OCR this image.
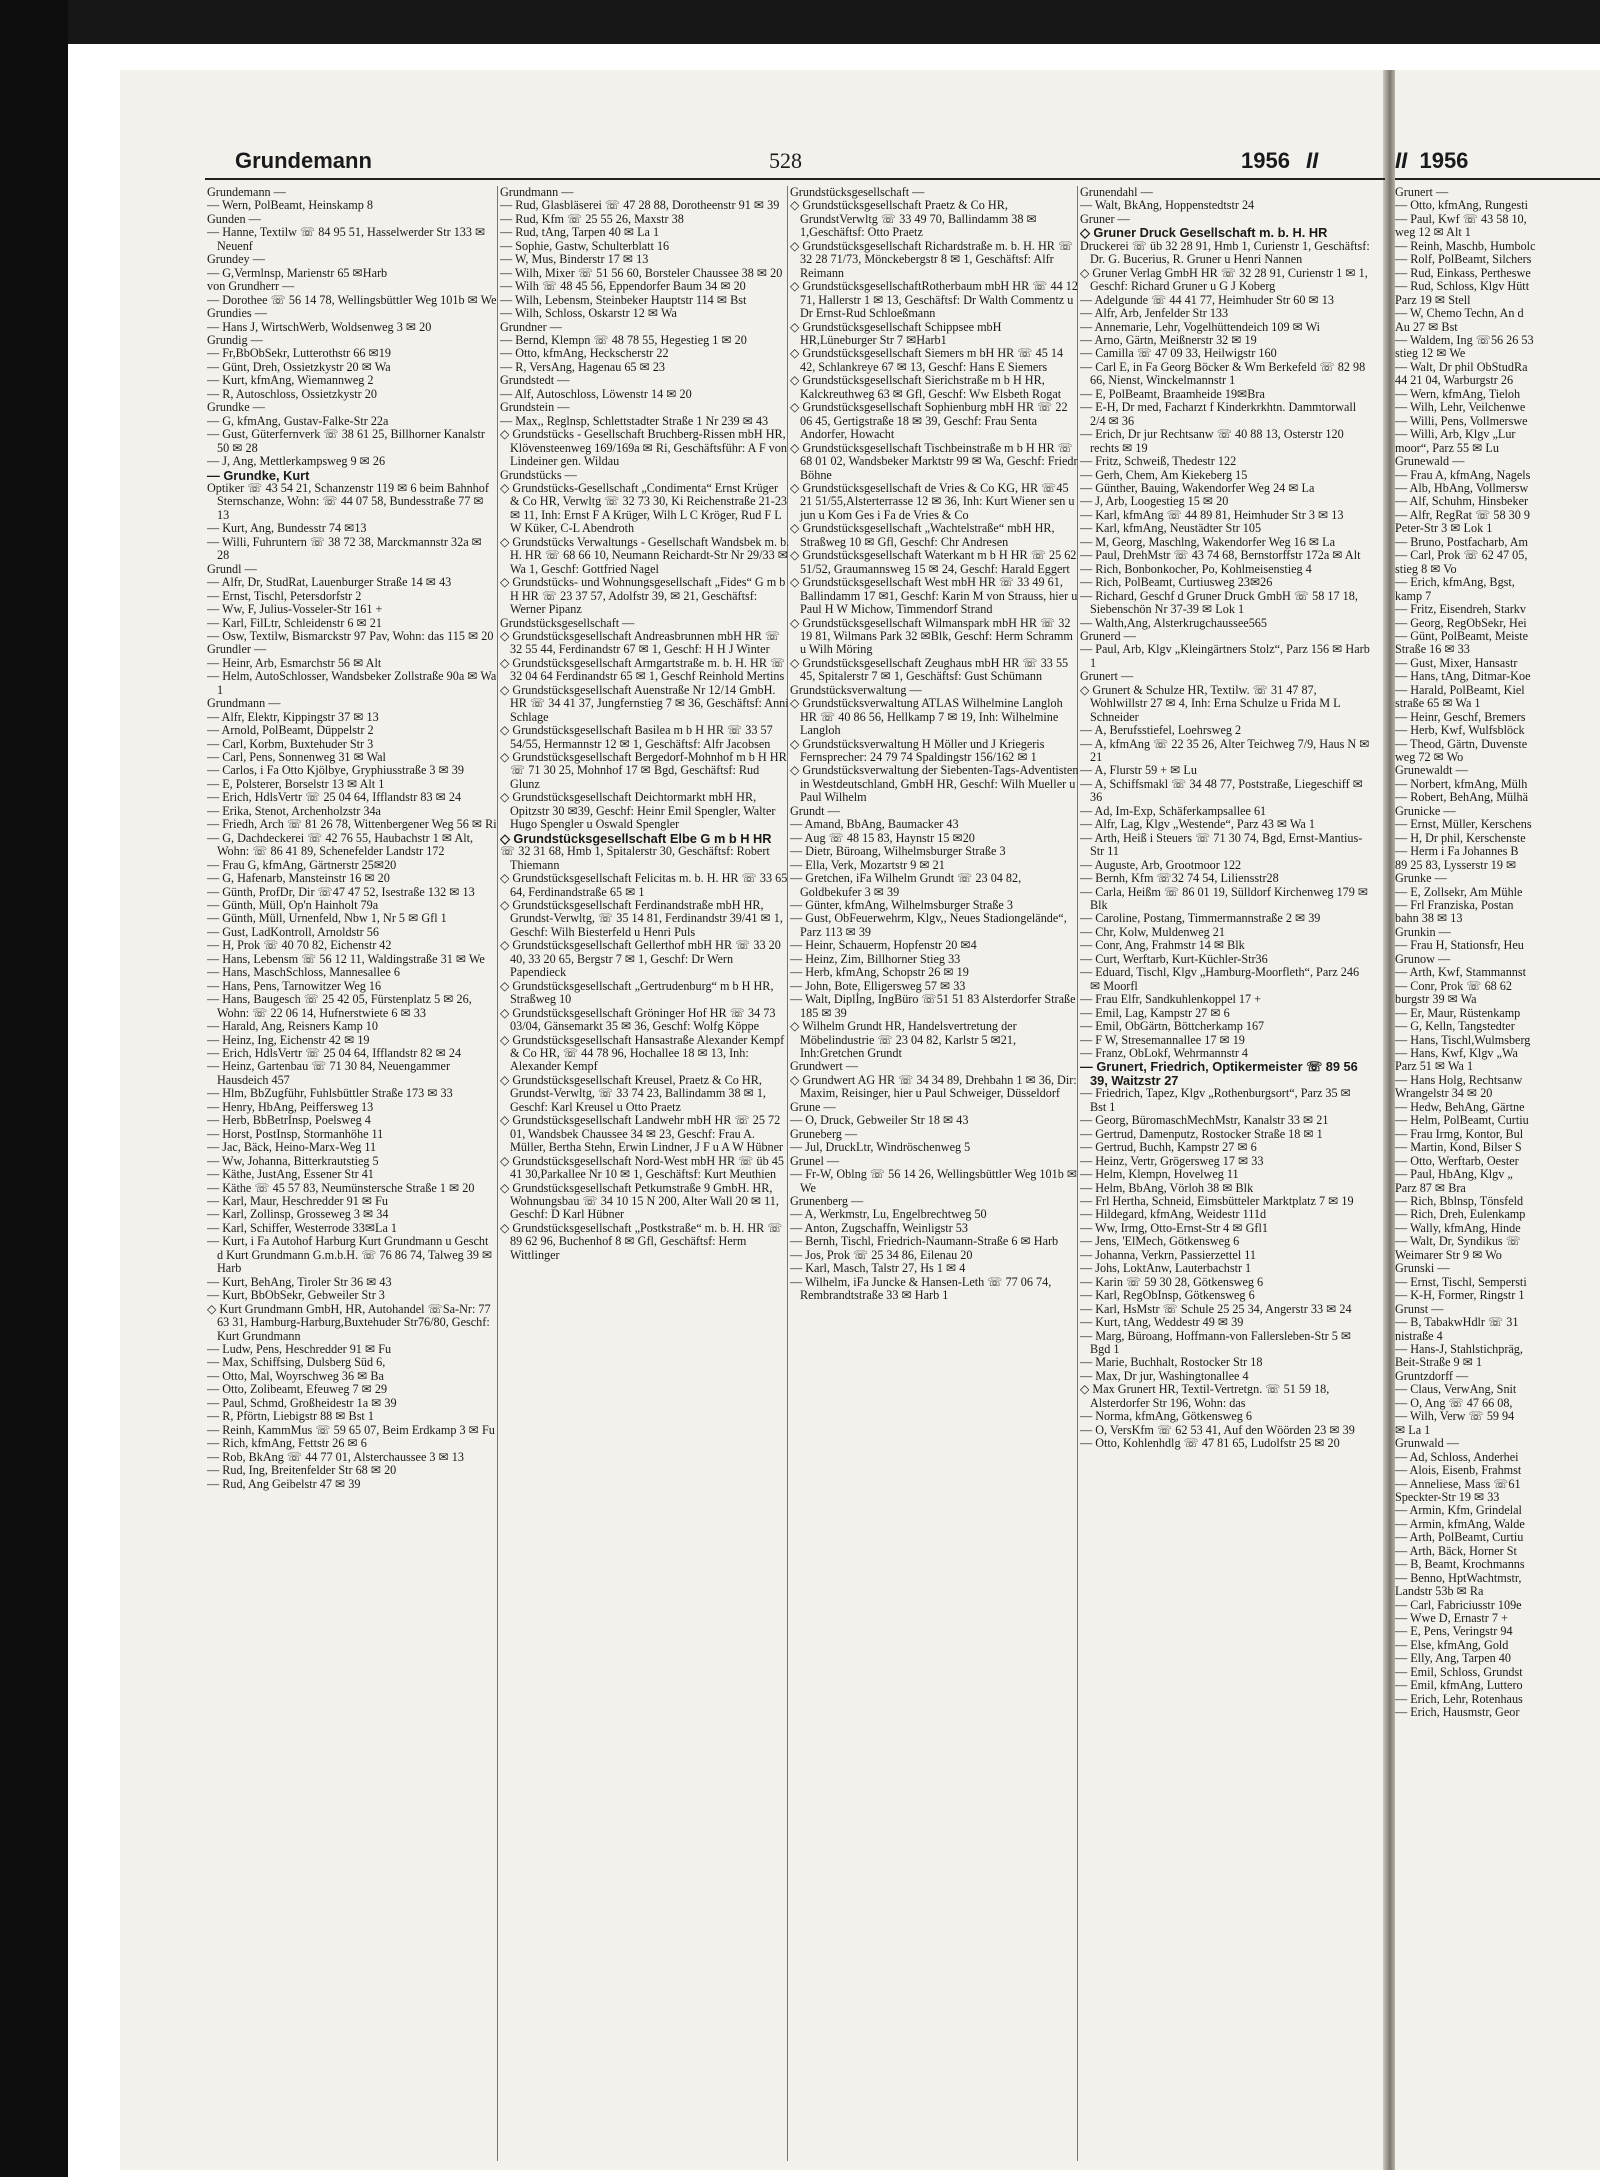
Grundemann	528	1956 II
Grundemann —
— Wern, PolBeamt, Heinskamp 8
Gunden —
— Hanne, Textilw ☏ 84 95 51, Hasselwerder Str 133 ✉ Neuenf
Grundey —
— G,Vermlnsp, Marienstr 65 ✉Harb
von Grundherr —
— Dorothee ☏ 56 14 78, Wellingsbüttler Weg 101b ✉ We
Grundies —
— Hans J, WirtschWerb, Woldsenweg 3 ✉ 20
Grundig —
— Fr,BbObSekr, Lutterothstr 66 ✉19
— Günt, Dreh, Ossietzkystr 20 ✉ Wa
— Kurt, kfmAng, Wiemannweg 2
— R, Autoschloss, Ossietzkystr 20
Grundke —
— G, kfmAng, Gustav-Falke-Str 22a
— Gust, Güterfernverk ☏ 38 61 25, Billhorner Kanalstr 50 ✉ 28
— J, Ang, Mettlerkampsweg 9 ✉ 26
— Grundke, Kurt
Optiker ☏ 43 54 21, Schanzenstr 119 ✉ 6 beim Bahnhof Sternschanze, Wohn: ☏ 44 07 58, Bundesstraße 77 ✉ 13
— Kurt, Ang, Bundesstr 74 ✉13
— Willi, Fuhruntern ☏ 38 72 38, Marckmannstr 32a ✉ 28
Grundl —
— Alfr, Dr, StudRat, Lauenburger Straße 14 ✉ 43
— Ernst, Tischl, Petersdorfstr 2
— Ww, F, Julius-Vosseler-Str 161 +
— Karl, FilLtr, Schleidenstr 6 ✉ 21
— Osw, Textilw, Bismarckstr 97 Pav, Wohn: das 115 ✉ 20
Grundler —
— Heinr, Arb, Esmarchstr 56 ✉ Alt
— Helm, AutoSchlosser, Wandsbeker Zollstraße 90a ✉ Wa 1
Grundmann —
— Alfr, Elektr, Kippingstr 37 ✉ 13
— Arnold, PolBeamt, Düppelstr 2
— Carl, Korbm, Buxtehuder Str 3
— Carl, Pens, Sonnenweg 31 ✉ Wal
— Carlos, i Fa Otto Kjölbye, Gryphiusstraße 3 ✉ 39
— E, Polsterer, Borselstr 13 ✉ Alt 1
— Erich, HdlsVertr ☏ 25 04 64, Ifflandstr 83 ✉ 24
— Erika, Stenot, Archenholzstr 34a
— Friedh, Arch ☏ 81 26 78, Wittenbergener Weg 56 ✉ Ri
— G, Dachdeckerei ☏ 42 76 55, Haubachstr 1 ✉ Alt, Wohn: ☏ 86 41 89, Schenefelder Landstr 172
— Frau G, kfmAng, Gärtnerstr 25✉20
— G, Hafenarb, Mansteinstr 16 ✉ 20
— Günth, ProfDr, Dir ☏47 47 52, Isestraße 132 ✉ 13
— Günth, Müll, Op'n Hainholt 79a
— Günth, Müll, Urnenfeld, Nbw 1, Nr 5 ✉ Gfl 1
— Gust, LadKontroll, Arnoldstr 56
— H, Prok ☏ 40 70 82, Eichenstr 42
— Hans, Lebensm ☏ 56 12 11, Waldingstraße 31 ✉ We
— Hans, MaschSchloss, Mannesallee 6
— Hans, Pens, Tarnowitzer Weg 16
— Hans, Baugesch ☏ 25 42 05, Fürstenplatz 5 ✉ 26, Wohn: ☏ 22 06 14, Hufnerstwiete 6 ✉ 33
— Harald, Ang, Reisners Kamp 10
— Heinz, Ing, Eichenstr 42 ✉ 19
— Erich, HdlsVertr ☏ 25 04 64, Ifflandstr 82 ✉ 24
— Heinz, Gartenbau ☏ 71 30 84, Neuengammer Hausdeich 457
— Hlm, BbZugführ, Fuhlsbüttler Straße 173 ✉ 33
— Henry, HbAng, Peiffersweg 13
— Herb, BbBetrInsp, Poelsweg 4
— Horst, PostInsp, Stormanhöhe 11
— Jac, Bäck, Heino-Marx-Weg 11
— Ww, Johanna, Bitterkrautstieg 5
— Käthe, JustAng, Essener Str 41
— Käthe ☏ 45 57 83, Neumünstersche Straße 1 ✉ 20
— Karl, Maur, Heschredder 91 ✉ Fu
— Karl, Zollinsp, Grosseweg 3 ✉ 34
— Karl, Schiffer, Westerrode 33✉La 1
— Kurt, i Fa Autohof Harburg Kurt Grundmann u Gescht d Kurt Grundmann G.m.b.H. ☏ 76 86 74, Talweg 39 ✉ Harb
— Kurt, BehAng, Tiroler Str 36 ✉ 43
— Kurt, BbObSekr, Gebweiler Str 3
◇ Kurt Grundmann GmbH, HR, Autohandel ☏Sa-Nr: 77 63 31, Hamburg-Harburg,Buxtehuder Str76/80, Geschf: Kurt Grundmann
— Ludw, Pens, Heschredder 91 ✉ Fu
— Max, Schiffsing, Dulsberg Süd 6,
— Otto, Mal, Woyrschweg 36 ✉ Ba
— Otto, Zolibeamt, Efeuweg 7 ✉ 29
— Paul, Schmd, Großheidestr 1a ✉ 39
— R, Pförtn, Liebigstr 88 ✉ Bst 1
— Reinh, KammMus ☏ 59 65 07, Beim Erdkamp 3 ✉ Fu
— Rich, kfmAng, Fettstr 26 ✉ 6
— Rob, BkAng ☏ 44 77 01, Alsterchaussee 3 ✉ 13
— Rud, Ing, Breitenfelder Str 68 ✉ 20
— Rud, Ang Geibelstr 47 ✉ 39
Grundmann —
— Rud, Glasbläserei ☏ 47 28 88, Dorotheenstr 91 ✉ 39
— Rud, Kfm ☏ 25 55 26, Maxstr 38
— Rud, tAng, Tarpen 40 ✉ La 1
— Sophie, Gastw, Schulterblatt 16
— W, Mus, Binderstr 17 ✉ 13
— Wilh, Mixer ☏ 51 56 60, Borsteler Chaussee 38 ✉ 20
— Wilh ☏ 48 45 56, Eppendorfer Baum 34 ✉ 20
— Wilh, Lebensm, Steinbeker Hauptstr 114 ✉ Bst
— Wilh, Schloss, Oskarstr 12 ✉ Wa
Grundner —
— Bernd, Klempn ☏ 48 78 55, Hegestieg 1 ✉ 20
— Otto, kfmAng, Heckscherstr 22
— R, VersAng, Hagenau 65 ✉ 23
Grundstedt —
— Alf, Autoschloss, Löwenstr 14 ✉ 20
Grundstein —
— Max,, Reglnsp, Schlettstadter Straße 1 Nr 239 ✉ 43
◇ Grundstücks - Gesellschaft Bruchberg-Rissen mbH HR, Klövensteenweg 169/169a ✉ Ri, Geschäftsführ: A F von Lindeiner gen. Wildau
Grundstücks —
◇ Grundstücks-Gesellschaft „Condimenta“ Ernst Krüger & Co HR, Verwltg ☏ 32 73 30, Ki Reichenstraße 21-23 ✉ 11, Inh: Ernst F A Krüger, Wilh L C Kröger, Rud F L W Küker, C-L Abendroth
◇ Grundstücks Verwaltungs - Gesellschaft Wandsbek m. b. H. HR ☏ 68 66 10, Neumann Reichardt-Str Nr 29/33 ✉ Wa 1, Geschf: Gottfried Nagel
◇ Grundstücks- und Wohnungsgesellschaft „Fides“ G m b H HR ☏ 23 37 57, Adolfstr 39, ✉ 21, Geschäftsf: Werner Pipanz
Grundstücksgesellschaft —
◇ Grundstücksgesellschaft Andreasbrunnen mbH HR ☏ 32 55 44, Ferdinandstr 67 ✉ 1, Geschf: H H J Winter
◇ Grundstücksgesellschaft Armgartstraße m. b. H. HR ☏ 32 04 64 Ferdinandstr 65 ✉ 1, Geschf Reinhold Mertins
◇ Grundstücksgesellschaft Auenstraße Nr 12/14 GmbH. HR ☏ 34 41 37, Jungfernstieg 7 ✉ 36, Geschäftsf: Anni Schlage
◇ Grundstücksgesellschaft Basilea m b H HR ☏ 33 57 54/55, Hermannstr 12 ✉ 1, Geschäftsf: Alfr Jacobsen
◇ Grundstücksgesellschaft Bergedorf-Mohnhof m b H HR ☏ 71 30 25, Mohnhof 17 ✉ Bgd, Geschäftsf: Rud Glunz
◇ Grundstücksgesellschaft Deichtormarkt mbH HR, Opitzstr 30 ✉39, Geschf: Heinr Emil Spengler, Walter Hugo Spengler u Oswald Spengler
◇ Grundstücksgesellschaft Elbe G m b H HR
☏ 32 31 68, Hmb 1, Spitalerstr 30, Geschäftsf: Robert Thiemann
◇ Grundstücksgesellschaft Felicitas m. b. H. HR ☏ 33 65 64, Ferdinandstraße 65 ✉ 1
◇ Grundstücksgesellschaft Ferdinandstraße mbH HR, Grundst-Verwltg, ☏ 35 14 81, Ferdinandstr 39/41 ✉ 1, Geschf: Wilh Biesterfeld u Henri Puls
◇ Grundstücksgesellschaft Gellerthof mbH HR ☏ 33 20 40, 33 20 65, Bergstr 7 ✉ 1, Geschf: Dr Wern Papendieck
◇ Grundstücksgesellschaft „Gertrudenburg“ m b H HR, Straßweg 10
◇ Grundstücksgesellschaft Gröninger Hof HR ☏ 34 73 03/04, Gänsemarkt 35 ✉ 36, Geschf: Wolfg Köppe
◇ Grundstücksgesellschaft Hansastraße Alexander Kempf & Co HR, ☏ 44 78 96, Hochallee 18 ✉ 13, Inh: Alexander Kempf
◇ Grundstücksgesellschaft Kreusel, Praetz & Co HR, Grundst-Verwltg, ☏ 33 74 23, Ballindamm 38 ✉ 1, Geschf: Karl Kreusel u Otto Praetz
◇ Grundstücksgesellschaft Landwehr mbH HR ☏ 25 72 01, Wandsbek Chaussee 34 ✉ 23, Geschf: Frau A. Müller, Bertha Stehn, Erwin Lindner, J F u A W Hübner
◇ Grundstücksgesellschaft Nord-West mbH HR ☏ üb 45 41 30,Parkallee Nr 10 ✉ 1, Geschäftsf: Kurt Meuthien
◇ Grundstücksgesellschaft Petkumstraße 9 GmbH. HR, Wohnungsbau ☏ 34 10 15 N 200, Alter Wall 20 ✉ 11, Geschf: D Karl Hübner
◇ Grundstücksgesellschaft „Postkstraße“ m. b. H. HR ☏ 89 62 96, Buchenhof 8 ✉ Gfl, Geschäftsf: Herm Wittlinger
Grundstücksgesellschaft —
◇ Grundstücksgesellschaft Praetz & Co HR, GrundstVerwltg ☏ 33 49 70, Ballindamm 38 ✉ 1,Geschäftsf: Otto Praetz
◇ Grundstücksgesellschaft Richardstraße m. b. H. HR ☏ 32 28 71/73, Mönckebergstr 8 ✉ 1, Geschäftsf: Alfr Reimann
◇ GrundstücksgesellschaftRotherbaum mbH HR ☏ 44 12 71, Hallerstr 1 ✉ 13, Geschäftsf: Dr Walth Commentz u Dr Ernst-Rud Schloeßmann
◇ Grundstücksgesellschaft Schippsee mbH HR,Lüneburger Str 7 ✉Harb1
◇ Grundstücksgesellschaft Siemers m bH HR ☏ 45 14 42, Schlankreye 67 ✉ 13, Geschf: Hans E Siemers
◇ Grundstücksgesellschaft Sierichstraße m b H HR, Kalckreuthweg 63 ✉ Gfl, Geschf: Ww Elsbeth Rogat
◇ Grundstücksgesellschaft Sophienburg mbH HR ☏ 22 06 45, Gertigstraße 18 ✉ 39, Geschf: Frau Senta Andorfer, Howacht
◇ Grundstücksgesellschaft Tischbeinstraße m b H HR ☏ 68 01 02, Wandsbeker Marktstr 99 ✉ Wa, Geschf: Friedr Böhne
◇ Grundstücksgesellschaft de Vries & Co KG, HR ☏45 21 51/55,Alsterterrasse 12 ✉ 36, Inh: Kurt Wiener sen u jun u Kom Ges i Fa de Vries & Co
◇ Grundstücksgesellschaft „Wachtelstraße“ mbH HR, Straßweg 10 ✉ Gfl, Geschf: Chr Andresen
◇ Grundstücksgesellschaft Waterkant m b H HR ☏ 25 62 51/52, Graumannsweg 15 ✉ 24, Geschf: Harald Eggert
◇ Grundstücksgesellschaft West mbH HR ☏ 33 49 61, Ballindamm 17 ✉1, Geschf: Karin M von Strauss, hier u Paul H W Michow, Timmendorf Strand
◇ Grundstücksgesellschaft Wilmanspark mbH HR ☏ 32 19 81, Wilmans Park 32 ✉Blk, Geschf: Herm Schramm u Wilh Möring
◇ Grundstücksgesellschaft Zeughaus mbH HR ☏ 33 55 45, Spitalerstr 7 ✉ 1, Geschäftsf: Gust Schümann
Grundstücksverwaltung —
◇ Grundstücksverwaltung ATLAS Wilhelmine Langloh HR ☏ 40 86 56, Hellkamp 7 ✉ 19, Inh: Wilhelmine Langloh
◇ Grundstücksverwaltung H Möller und J Kriegeris Fernsprecher: 24 79 74 Spaldingstr 156/162 ✉ 1
◇ Grundstücksverwaltung der Siebenten-Tags-Adventisten in Westdeutschland, GmbH HR, Geschf: Wilh Mueller u Paul Wilhelm
Grundt —
— Amand, BbAng, Baumacker 43
— Aug ☏ 48 15 83, Haynstr 15 ✉20
— Dietr, Büroang, Wilhelmsburger Straße 3
— Ella, Verk, Mozartstr 9 ✉ 21
— Gretchen, iFa Wilhelm Grundt ☏ 23 04 82, Goldbekufer 3 ✉ 39
— Günter, kfmAng, Wilhelmsburger Straße 3
— Gust, ObFeuerwehrm, Klgv,, Neues Stadiongelände“, Parz 113 ✉ 39
— Heinr, Schauerm, Hopfenstr 20 ✉4
— Heinz, Zim, Billhorner Stieg 33
— Herb, kfmAng, Schopstr 26 ✉ 19
— John, Bote, Elligersweg 57 ✉ 33
— Walt, Diplİng, IngBüro ☏51 51 83 Alsterdorfer Straße 185 ✉ 39
◇ Wilhelm Grundt HR, Handelsvertretung der Möbelindustrie ☏ 23 04 82, Karlstr 5 ✉21, Inh:Gretchen Grundt
Grundwert —
◇ Grundwert AG HR ☏ 34 34 89, Drehbahn 1 ✉ 36, Dir: Maxim, Reisinger, hier u Paul Schweiger, Düsseldorf
Grune —
— O, Druck, Gebweiler Str 18 ✉ 43
Gruneberg —
— Jul, DruckLtr, Windröschenweg 5
Grunel —
— Fr-W, Oblng ☏ 56 14 26, Wellingsbüttler Weg 101b ✉ We
Grunenberg —
— A, Werkmstr, Lu, Engelbrechtweg 50
— Anton, Zugschaffn, Weinligstr 53
— Bernh, Tischl, Friedrich-Naumann-Straße 6 ✉ Harb
— Jos, Prok ☏ 25 34 86, Eilenau 20
— Karl, Masch, Talstr 27, Hs 1 ✉ 4
— Wilhelm, iFa Juncke & Hansen-Leth ☏ 77 06 74, Rembrandtstraße 33 ✉ Harb 1
Grunendahl —
— Walt, BkAng, Hoppenstedtstr 24
Gruner —
◇ Gruner Druck Gesellschaft m. b. H. HR
Druckerei ☏ üb 32 28 91, Hmb 1, Curienstr 1, Geschäftsf: Dr. G. Bucerius, R. Gruner u Henri Nannen
◇ Gruner Verlag GmbH HR ☏ 32 28 91, Curienstr 1 ✉ 1, Geschf: Richard Gruner u G J Koberg
— Adelgunde ☏ 44 41 77, Heimhuder Str 60 ✉ 13
— Alfr, Arb, Jenfelder Str 133
— Annemarie, Lehr, Vogelhüttendeich 109 ✉ Wi
— Arno, Gärtn, Meißnerstr 32 ✉ 19
— Camilla ☏ 47 09 33, Heilwigstr 160
— Carl E, in Fa Georg Böcker & Wm Berkefeld ☏ 82 98 66, Nienst, Winckelmannstr 1
— E, PolBeamt, Braamheide 19✉Bra
— E-H, Dr med, Facharzt f Kinderkrkhtn. Dammtorwall 2/4 ✉ 36
— Erich, Dr jur Rechtsanw ☏ 40 88 13, Osterstr 120 rechts ✉ 19
— Fritz, Schweiß, Thedestr 122
— Gerh, Chem, Am Kiekeberg 15
— Günther, Bauing, Wakendorfer Weg 24 ✉ La
— J, Arb, Loogestieg 15 ✉ 20
— Karl, kfmAng ☏ 44 89 81, Heimhuder Str 3 ✉ 13
— Karl, kfmAng, Neustädter Str 105
— M, Georg, Maschlng, Wakendorfer Weg 16 ✉ La
— Paul, DrehMstr ☏ 43 74 68, Bernstorffstr 172a ✉ Alt
— Rich, Bonbonkocher, Po, Kohlmeisenstieg 4
— Rich, PolBeamt, Curtiusweg 23✉26
— Richard, Geschf d Gruner Druck GmbH ☏ 58 17 18, Siebenschön Nr 37-39 ✉ Lok 1
— Walth,Ang, Alsterkrugchaussee565
Grunerd —
— Paul, Arb, Klgv „Kleingärtners Stolz“, Parz 156 ✉ Harb 1
Grunert —
◇ Grunert & Schulze HR, Textilw. ☏ 31 47 87, Wohlwillstr 27 ✉ 4, Inh: Erna Schulze u Frida M L Schneider
— A, Berufsstiefel, Loehrsweg 2
— A, kfmAng ☏ 22 35 26, Alter Teichweg 7/9, Haus N ✉ 21
— A, Flurstr 59 + ✉ Lu
— A, Schiffsmakl ☏ 34 48 77, Poststraße, Liegeschiff ✉ 36
— Ad, Im-Exp, Schäferkampsallee 61
— Alfr, Lag, Klgv „Westende“, Parz 43 ✉ Wa 1
— Arth, Heiß i Steuers ☏ 71 30 74, Bgd, Ernst-Mantius-Str 11
— Auguste, Arb, Grootmoor 122
— Bernh, Kfm ☏32 74 54, Liliensstr28
— Carla, Heißm ☏ 86 01 19, Sülldorf Kirchenweg 179 ✉ Blk
— Caroline, Postang, Timmermannstraße 2 ✉ 39
— Chr, Kolw, Muldenweg 21
— Conr, Ang, Frahmstr 14 ✉ Blk
— Curt, Werftarb, Kurt-Küchler-Str36
— Eduard, Tischl, Klgv „Hamburg-Moorfleth“, Parz 246 ✉ Moorfl
— Frau Elfr, Sandkuhlenkoppel 17 +
— Emil, Lag, Kampstr 27 ✉ 6
— Emil, ObGärtn, Böttcherkamp 167
— F W, Stresemannallee 17 ✉ 19
— Franz, ObLokf, Wehrmannstr 4
— Grunert, Friedrich, Optikermeister ☏ 89 56 39, Waitzstr 27
— Friedrich, Tapez, Klgv „Rothenburgsort“, Parz 35 ✉ Bst 1
— Georg, BüromaschMechMstr, Kanalstr 33 ✉ 21
— Gertrud, Damenputz, Rostocker Straße 18 ✉ 1
— Gertrud, Buchh, Kampstr 27 ✉ 6
— Heinz, Vertr, Grögersweg 17 ✉ 33
— Helm, Klempn, Hovelweg 11
— Helm, BbAng, Vörloh 38 ✉ Blk
— Frl Hertha, Schneid, Eimsbütteler Marktplatz 7 ✉ 19
— Hildegard, kfmAng, Weidestr 111d
— Ww, Irmg, Otto-Ernst-Str 4 ✉ Gfl1
— Jens, 'ElMech, Götkensweg 6
— Johanna, Verkrn, Passierzettel 11
— Johs, LoktAnw, Lauterbachstr 1
— Karin ☏ 59 30 28, Götkensweg 6
— Karl, RegObInsp, Götkensweg 6
— Karl, HsMstr ☏ Schule 25 25 34, Angerstr 33 ✉ 24
— Kurt, tAng, Weddestr 49 ✉ 39
— Marg, Büroang, Hoffmann-von Fallersleben-Str 5 ✉ Bgd 1
— Marie, Buchhalt, Rostocker Str 18
— Max, Dr jur, Washingtonallee 4
◇ Max Grunert HR, Textil-Vertretgn. ☏ 51 59 18, Alsterdorfer Str 196, Wohn: das
— Norma, kfmAng, Götkensweg 6
— O, VersKfm ☏ 62 53 41, Auf den Wöörden 23 ✉ 39
— Otto, Kohlenhdlg ☏ 47 81 65, Ludolfstr 25 ✉ 20
II 1956
Grunert —
— Otto, kfmAng, Rungesti
— Paul, Kwf ☏ 43 58 10,
weg 12 ✉ Alt 1
— Reinh, Maschb, Humbolc
— Rolf, PolBeamt, Silchers
— Rud, Einkass, Pertheswe
— Rud, Schloss, Klgv Hütt
Parz 19 ✉ Stell
— W, Chemo Techn, An d
Au 27 ✉ Bst
— Waldem, Ing ☏56 26 53
stieg 12 ✉ We
— Walt, Dr phil ObStudRa
44 21 04, Warburgstr 26
— Wern, kfmAng, Tieloh
— Wilh, Lehr, Veilchenwe
— Willi, Pens, Vollmerswe
— Willi, Arb, Klgv „Lur
moor“, Parz 55 ✉ Lu
Grunewald —
— Frau A, kfmAng, Nagels
— Alb, HbAng, Vollmersw
— Alf, Schuhm, Hinsbeker
— Alfr, RegRat ☏ 58 30 9
Peter-Str 3 ✉ Lok 1
— Bruno, Postfacharb, Am
— Carl, Prok ☏ 62 47 05,
stieg 8 ✉ Vo
— Erich, kfmAng, Bgst,
kamp 7
— Fritz, Eisendreh, Starkv
— Georg, RegObSekr, Hei
— Günt, PolBeamt, Meiste
Straße 16 ✉ 33
— Gust, Mixer, Hansastr
— Hans, tAng, Ditmar-Koe
— Harald, PolBeamt, Kiel
straße 65 ✉ Wa 1
— Heinr, Geschf, Bremers
— Herb, Kwf, Wulfsblöck
— Theod, Gärtn, Duvenste
weg 72 ✉ Wo
Grunewaldt —
— Norbert, kfmAng, Mülh
— Robert, BehAng, Mülhä
Grunicke —
— Ernst, Müller, Kerschens
— H, Dr phil, Kerschenste
— Herm i Fa Johannes B
89 25 83, Lysserstr 19 ✉
Grunke —
— E, Zollsekr, Am Mühle
— Frl Franziska, Postan
bahn 38 ✉ 13
Grunkin —
— Frau H, Stationsfr, Heu
Grunow —
— Arth, Kwf, Stammannst
— Conr, Prok ☏ 68 62
burgstr 39 ✉ Wa
— Er, Maur, Rüstenkamp
— G, Kelln, Tangstedter
— Hans, Tischl,Wulmsberg
— Hans, Kwf, Klgv „Wa
Parz 51 ✉ Wa 1
— Hans Holg, Rechtsanw
Wrangelstr 34 ✉ 20
— Hedw, BehAng, Gärtne
— Helm, PolBeamt, Curtiu
— Frau Irmg, Kontor, Bul
— Martin, Kond, Bilser S
— Otto, Werftarb, Oester
— Paul, HbAng, Klgv „
Parz 87 ✉ Bra
— Rich, Bblnsp, Tönsfeld
— Rich, Dreh, Eulenkamp
— Wally, kfmAng, Hinde
— Walt, Dr, Syndikus ☏
Weimarer Str 9 ✉ Wo
Grunski —
— Ernst, Tischl, Sempersti
— K-H, Former, Ringstr 1
Grunst —
— B, TabakwHdlr ☏ 31
nistraße 4
— Hans-J, Stahlstichpräg,
Beit-Straße 9 ✉ 1
Gruntzdorff —
— Claus, VerwAng, Snit
— O, Ang ☏ 47 66 08,
— Wilh, Verw ☏ 59 94
✉ La 1
Grunwald —
— Ad, Schloss, Anderhei
— Alois, Eisenb, Frahmst
— Anneliese, Mass ☏61
Speckter-Str 19 ✉ 33
— Armin, Kfm, Grindelal
— Armin, kfmAng, Walde
— Arth, PolBeamt, Curtiu
— Arth, Bäck, Horner St
— B, Beamt, Krochmanns
— Benno, HptWachtmstr,
Landstr 53b ✉ Ra
— Carl, Fabriciusstr 109e
— Wwe D, Ernastr 7 +
— E, Pens, Veringstr 94
— Else, kfmAng, Gold
— Elly, Ang, Tarpen 40
— Emil, Schloss, Grundst
— Emil, kfmAng, Luttero
— Erich, Lehr, Rotenhaus
— Erich, Hausmstr, Geor
